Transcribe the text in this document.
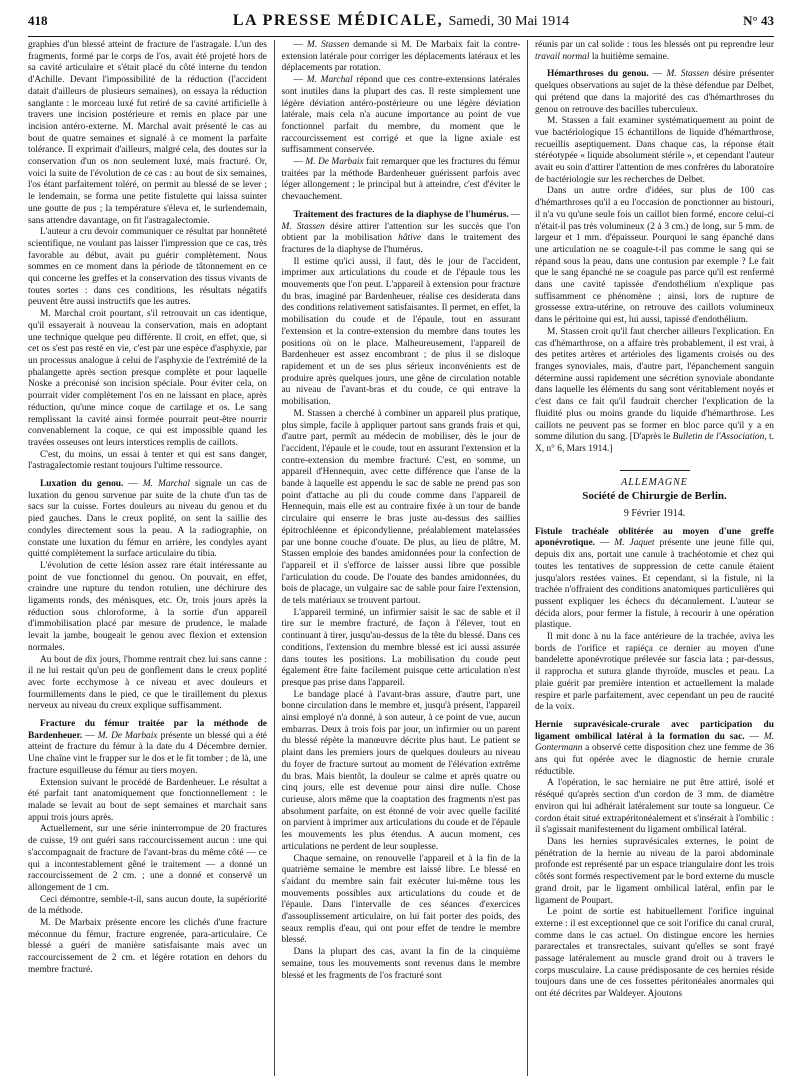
418	LA PRESSE MÉDICALE, Samedi, 30 Mai 1914	N° 43

graphies d'un blessé atteint de fracture de l'astragale. L'un des fragments, formé par le corps de l'os, avait été projeté hors de sa cavité articulaire et s'était placé du côté interne du tendon d'Achille. Devant l'impossibilité de la réduction (l'accident datait d'ailleurs de plusieurs semaines), on essaya la réduction sanglante : le morceau luxé fut retiré de sa cavité artificielle à travers une incision postérieure et remis en place par une incision antéro-externe. M. Marchal avait présenté le cas au bout de quatre semaines et signalé à ce moment la parfaite tolérance. Il exprimait d'ailleurs, malgré cela, des doutes sur la conservation d'un os non seulement luxé, mais fracturé. Or, voici la suite de l'évolution de ce cas : au bout de six semaines, l'os étant parfaitement toléré, on permit au blessé de se lever ; le lendemain, se forma une petite fistulette qui laissa suinter une goutte de pus ; la température s'éleva et, le surlendemain, sans attendre davantage, on fit l'astragalectomie.

L'auteur a cru devoir communiquer ce résultat par honnêteté scientifique, ne voulant pas laisser l'impression que ce cas, très favorable au début, avait pu guérir complètement. Nous sommes en ce moment dans la période de tâtonnement en ce qui concerne les greffes et la conservation des tissus vivants de toutes sortes : dans ces conditions, les résultats négatifs peuvent être aussi instructifs que les autres.

M. Marchal croit pourtant, s'il retrouvait un cas identique, qu'il essayerait à nouveau la conservation, mais en adoptant une technique quelque peu différente. Il croit, en effet, que, si cet os s'est pas resté en vie, c'est par une espèce d'asphyxie, par un processus analogue à celui de l'asphyxie de l'extrémité de la phalangette après section presque complète et pour laquelle Noske a préconisé son incision spéciale. Pour éviter cela, on pourrait vider complètement l'os en ne laissant en place, après réduction, qu'une mince coque de cartilage et os. Le sang remplissant la cavité ainsi formée pourrait peut-être nourrir convenablement la coque, ce qui est impossible quand les travées osseuses ont leurs interstices remplis de caillots.

C'est, du moins, un essai à tenter et qui est sans danger, l'astragalectomie restant toujours l'ultime ressource.

Luxation du genou. — M. Marchal signale un cas de luxation du genou survenue par suite de la chute d'un tas de sacs sur la cuisse. Fortes douleurs au niveau du genou et du pied gauches. Dans le creux poplité, on sent la saillie des condyles directement sous la peau. A la radiographie, on constate une luxation du fémur en arrière, les condyles ayant quitté complètement la surface articulaire du tibia.

L'évolution de cette lésion assez rare était intéressante au point de vue fonctionnel du genou. On pouvait, en effet, craindre une rupture du tendon rotulien, une déchirure des ligaments ronds, des ménisques, etc. Or, trois jours après la réduction sous chloroforme, à la sortie d'un appareil d'immobilisation placé par mesure de prudence, le malade levait la jambe, bougeait le genou avec flexion et extension normales.

Au bout de dix jours, l'homme rentrait chez lui sans canne : il ne lui restait qu'un peu de gonflement dans le creux poplité avec forte ecchymose à ce niveau et avec douleurs et fourmillements dans le pied, ce que le tiraillement du plexus nerveux au niveau du creux explique suffisamment.

Fracture du fémur traitée par la méthode de Bardenheuer. — M. De Marbaix présente un blessé qui a été atteint de fracture du fémur à la date du 4 Décembre dernier. Une chaîne vint le frapper sur le dos et le fit tomber ; de là, une fracture esquilleuse du fémur au tiers moyen.

Extension suivant le procédé de Bardenheuer. Le résultat a été parfait tant anatomiquement que fonctionnellement : le malade se levait au bout de sept semaines et marchait sans appui trois jours après.

Actuellement, sur une série ininterrompue de 20 fractures de cuisse, 19 ont guéri sans raccourcissement aucun : une qui s'accompagnait de fracture de l'avant-bras du même côté — ce qui a incontestablement gêné le traitement — a donné un raccourcissement de 2 cm. ; une a donné et conservé un allongement de 1 cm.

Ceci démontre, semble-t-il, sans aucun doute, la supériorité de la méthode.

M. De Marbaix présente encore les clichés d'une fracture méconnue du fémur, fracture engrenée, para-articulaire. Ce blessé a guéri de manière satisfaisante mais avec un raccourcissement de 2 cm. et légère rotation en dehors du membre fracturé.

— M. Stassen demande si M. De Marbaix fait la contre-extension latérale pour corriger les déplacements latéraux et les déplacements par rotation.

— M. Marchal répond que ces contre-extensions latérales sont inutiles dans la plupart des cas. Il reste simplement une légère déviation antéro-postérieure ou une légère déviation latérale, mais cela n'a aucune importance au point de vue fonctionnel parfait du membre, du moment que le raccourcissement est corrigé et que la ligne axiale est suffisamment conservée.

— M. De Marbaix fait remarquer que les fractures du fémur traitées par la méthode Bardenheuer guérissent parfois avec léger allongement ; le principal but à atteindre, c'est d'éviter le chevauchement.

Traitement des fractures de la diaphyse de l'humérus. — M. Stassen désire attirer l'attention sur les succès que l'on obtient par la mobilisation hâtive dans le traitement des fractures de la diaphyse de l'humérus.

Il estime qu'ici aussi, il faut, dès le jour de l'accident, imprimer aux articulations du coude et de l'épaule tous les mouvements que l'on peut. L'appareil à extension pour fracture du bras, imaginé par Bardenheuer, réalise ces desiderata dans des conditions relativement satisfaisantes. Il permet, en effet, la mobilisation du coude et de l'épaule, tout en assurant l'extension et la contre-extension du membre dans toutes les positions où on le place. Malheureusement, l'appareil de Bardenheuer est assez encombrant ; de plus il se disloque rapidement et un de ses plus sérieux inconvénients est de produire après quelques jours, une gêne de circulation notable au niveau de l'avant-bras et du coude, ce qui entrave la mobilisation.

M. Stassen a cherché à combiner un appareil plus pratique, plus simple, facile à appliquer partout sans grands frais et qui, d'autre part, permît au médecin de mobiliser, dès le jour de l'accident, l'épaule et le coude, tout en assurant l'extension et la contre-extension du membre fracturé. C'est, en somme, un appareil d'Hennequin, avec cette différence que l'anse de la bande à laquelle est appendu le sac de sable ne prend pas son point d'attache au pli du coude comme dans l'appareil de Hennequin, mais elle est au contraire fixée à un tour de bande circulaire qui enserre le bras juste au-dessus des saillies épitrochléenne et épicondylienne, préalablement matelassées par une bonne couche d'ouate. De plus, au lieu de plâtre, M. Stassen emploie des bandes amidonnées pour la confection de l'appareil et il s'efforce de laisser aussi libre que possible l'articulation du coude. De l'ouate des bandes amidonnées, du bois de placage, un vulgaire sac de sable pour faire l'extension, de tels matériaux se trouvent partout.

L'appareil terminé, un infirmier saisit le sac de sable et il tire sur le membre fracturé, de façon à l'élever, tout en continuant à tirer, jusqu'au-dessus de la tête du blessé. Dans ces conditions, l'extension du membre blessé est ici aussi assurée dans toutes les positions. La mobilisation du coude peut également être faite facilement puisque cette articulation n'est presque pas prise dans l'appareil.

Le bandage placé à l'avant-bras assure, d'autre part, une bonne circulation dans le membre et, jusqu'à présent, l'appareil ainsi employé n'a donné, à son auteur, à ce point de vue, aucun embarras. Deux à trois fois par jour, un infirmier ou un parent du blessé répète la manœuvre décrite plus haut. Le patient se plaint dans les premiers jours de quelques douleurs au niveau du foyer de fracture surtout au moment de l'élévation extrême du bras. Mais bientôt, la douleur se calme et après quatre ou cinq jours, elle est devenue pour ainsi dire nulle. Chose curieuse, alors même que la coaptation des fragments n'est pas absolument parfaite, on est étonné de voir avec quelle facilité on parvient à imprimer aux articulations du coude et de l'épaule les mouvements les plus étendus. A aucun moment, ces articulations ne perdent de leur souplesse.

Chaque semaine, on renouvelle l'appareil et à la fin de la quatrième semaine le membre est laissé libre. Le blessé en s'aidant du membre sain fait exécuter lui-même tous les mouvements possibles aux articulations du coude et de l'épaule. Dans l'intervalle de ces séances d'exercices d'assouplissement articulaire, on lui fait porter des poids, des seaux remplis d'eau, qui ont pour effet de tendre le membre blessé.

Dans la plupart des cas, avant la fin de la cinquième semaine, tous les mouvements sont revenus dans le membre blessé et les fragments de l'os fracturé sont

réunis par un cal solide : tous les blessés ont pu reprendre leur travail normal la huitième semaine.

Hémarthroses du genou. — M. Stassen désire présenter quelques observations au sujet de la thèse défendue par Delbet, qui prétend que dans la majorité des cas d'hémarthroses du genou on retrouve des bacilles tuberculeux.

M. Stassen a fait examiner systématiquement au point de vue bactériologique 15 échantillons de liquide d'hémarthrose, recueillis aseptiquement. Dans chaque cas, la réponse était stéréotypée « liquide absolument stérile », et cependant l'auteur avait eu soin d'attirer l'attention de mes confrères du laboratoire de bactériologie sur les recherches de Delbet.

Dans un autre ordre d'idées, sur plus de 100 cas d'hémarthroses qu'il a eu l'occasion de ponctionner au bistouri, il n'a vu qu'une seule fois un caillot bien formé, encore celui-ci n'était-il pas très volumineux (2 à 3 cm.) de long, sur 5 mm. de largeur et 1 mm. d'épaisseur. Pourquoi le sang épanché dans une articulation ne se coagule-t-il pas comme le sang qui se répand sous la peau, dans une contusion par exemple ? Le fait que le sang épanché ne se coagule pas parce qu'il est renfermé dans une cavité tapissée d'endothélium n'explique pas suffisamment ce phénomène ; ainsi, lors de rupture de grossesse extra-utérine, on retrouve des caillots volumineux dans le péritoine qui est, lui aussi, tapissé d'endothélium.

M. Stassen croit qu'il faut chercher ailleurs l'explication. En cas d'hémarthrose, on a affaire très probablement, il est vrai, à des petites artères et artérioles des ligaments croisés ou des franges synoviales, mais, d'autre part, l'épanchement sanguin détermine aussi rapidement une sécrétion synoviale abondante dans laquelle les éléments du sang sont véritablement noyés et c'est dans ce fait qu'il faudrait chercher l'explication de la fluidité plus ou moins grande du liquide d'hémarthrose. Les caillots ne peuvent pas se former en bloc parce qu'il y a en somme dilution du sang. [D'après le Bulletin de l'Association, t. X, n° 6, Mars 1914.]

ALLEMAGNE
Société de Chirurgie de Berlin.
9 Février 1914.

Fistule trachéale oblitérée au moyen d'une greffe aponévrotique. — M. Jaquet présente une jeune fille qui, depuis dix ans, portait une canule à trachéotomie et chez qui toutes les tentatives de suppression de cette canule étaient jusqu'alors restées vaines. Et cependant, si la fistule, ni la trachée n'offraient des conditions anatomiques particulières qui pussent expliquer les échecs du décanulement. L'auteur se décida alors, pour fermer la fistule, à recourir à une opération plastique.

Il mit donc à nu la face antérieure de la trachée, aviva les bords de l'orifice et rapiéça ce dernier au moyen d'une bandelette aponévrotique prélevée sur fascia lata ; par-dessus, il rapprocha et sutura glande thyroïde, muscles et peau. La plaie guérit par première intention et actuellement la malade respire et parle parfaitement, avec cependant un peu de raucité de la voix.

Hernie supravésicale-crurale avec participation du ligament ombilical latéral à la formation du sac. — M. Gontermann a observé cette disposition chez une femme de 36 ans qui fut opérée avec le diagnostic de hernie crurale réductible.

A l'opération, le sac herniaire ne put être attiré, isolé et réséqué qu'après section d'un cordon de 3 mm. de diamètre environ qui lui adhérait latéralement sur toute sa longueur. Ce cordon était situé extrapéritonéalement et s'insérait à l'ombilic : il s'agissait manifestement du ligament ombilical latéral.

Dans les hernies supravésicales externes, le point de pénétration de la hernie au niveau de la paroi abdominale profonde est représenté par un espace triangulaire dont les trois côtés sont formés respectivement par le bord externe du muscle grand droit, par le ligament ombilical latéral, enfin par le ligament de Poupart.

Le point de sortie est habituellement l'orifice inguinal externe : il est exceptionnel que ce soit l'orifice du canal crural, comme dans le cas actuel. On distingue encore les hernies pararectales et transrectales, suivant qu'elles se sont frayé passage latéralement au muscle grand droit ou à travers le corps musculaire. La cause prédisposante de ces hernies réside toujours dans une de ces fossettes péritonéales anormales qui ont été décrites par Waldeyer. Ajoutons
